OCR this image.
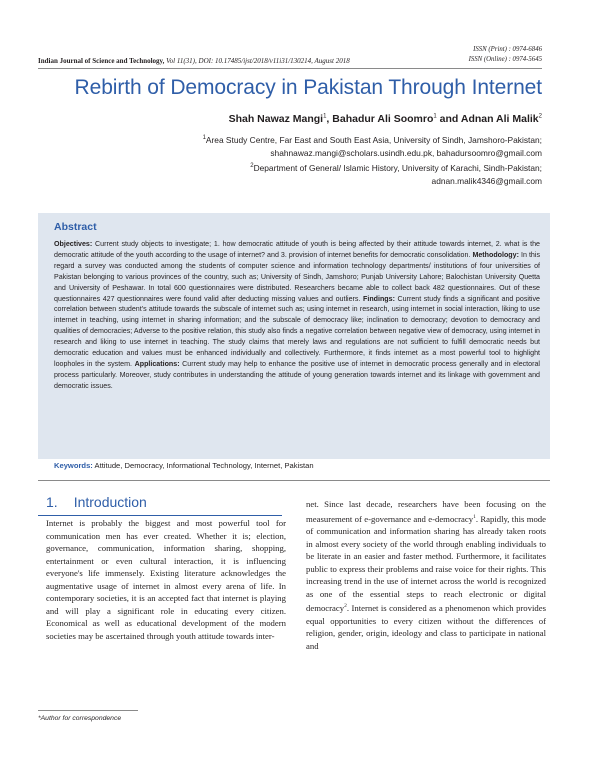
Indian Journal of Science and Technology, Vol 11(31), DOI: 10.17485/ijst/2018/v11i31/130214, August 2018
ISSN (Print) : 0974-6846
ISSN (Online) : 0974-5645
Rebirth of Democracy in Pakistan Through Internet
Shah Nawaz Mangi$^1$, Bahadur Ali Soomro$^1$ and Adnan Ali Malik$^2$
$^1$Area Study Centre, Far East and South East Asia, University of Sindh, Jamshoro-Pakistan;
shahnawaz.mangi@scholars.usindh.edu.pk, bahadursoomro@gmail.com
$^2$Department of General/ Islamic History, University of Karachi, Sindh-Pakistan;
adnan.malik4346@gmail.com
Abstract
Objectives: Current study objects to investigate; 1. how democratic attitude of youth is being affected by their attitude towards internet, 2. what is the democratic attitude of the youth according to the usage of internet? and 3. provision of internet benefits for democratic consolidation. Methodology: In this regard a survey was conducted among the students of computer science and information technology departments/ institutions of four universities of Pakistan belonging to various provinces of the country, such as; University of Sindh, Jamshoro; Punjab University Lahore; Balochistan University Quetta and University of Peshawar. In total 600 questionnaires were distributed. Researchers became able to collect back 482 questionnaires. Out of these questionnaires 427 questionnaires were found valid after deducting missing values and outliers. Findings: Current study finds a significant and positive correlation between student's attitude towards the subscale of internet such as; using internet in research, using internet in social interaction, liking to use internet in teaching, using internet in sharing information; and the subscale of democracy like; inclination to democracy; devotion to democracy and qualities of democracies; Adverse to the positive relation, this study also finds a negative correlation between negative view of democracy, using internet in research and liking to use internet in teaching. The study claims that merely laws and regulations are not sufficient to fulfill democratic needs but democratic education and values must be enhanced individually and collectively. Furthermore, it finds internet as a most powerful tool to highlight loopholes in the system. Applications: Current study may help to enhance the positive use of internet in democratic process generally and in electoral process particularly. Moreover, study contributes in understanding the attitude of young generation towards internet and its linkage with government and democratic issues.
Keywords: Attitude, Democracy, Informational Technology, Internet, Pakistan
1. Introduction
Internet is probably the biggest and most powerful tool for communication men has ever created. Whether it is; election, governance, communication, information sharing, shopping, entertainment or even cultural interaction, it is influencing everyone's life immensely. Existing literature acknowledges the augmentative usage of internet in almost every arena of life. In contemporary societies, it is an accepted fact that internet is playing and will play a significant role in educating every citizen. Economical as well as educational development of the modern societies may be ascertained through youth attitude towards inter-
net. Since last decade, researchers have been focusing on the measurement of e-governance and e-democracy$^1$. Rapidly, this mode of communication and information sharing has already taken roots in almost every society of the world through enabling individuals to be literate in an easier and faster method. Furthermore, it facilitates public to express their problems and raise voice for their rights. This increasing trend in the use of internet across the world is recognized as one of the essential steps to reach electronic or digital democracy$^2$. Internet is considered as a phenomenon which provides equal opportunities to every citizen without the differences of religion, gender, origin, ideology and class to participate in national and
*Author for correspondence
